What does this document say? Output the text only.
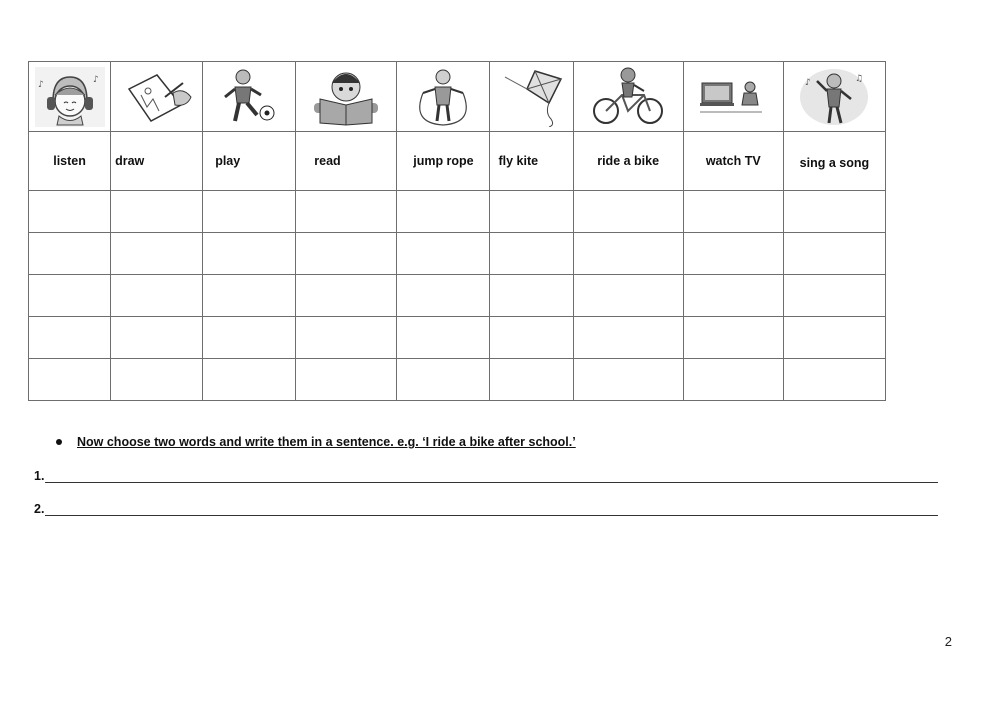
♪ ♪								♪ ♫

listen	draw	play	read	jump rope	fly kite	ride a bike	watch TV	sing a song

Now choose two words and write them in a sentence. e.g. ‘I ride a bike after school.’
1.
2.
2
